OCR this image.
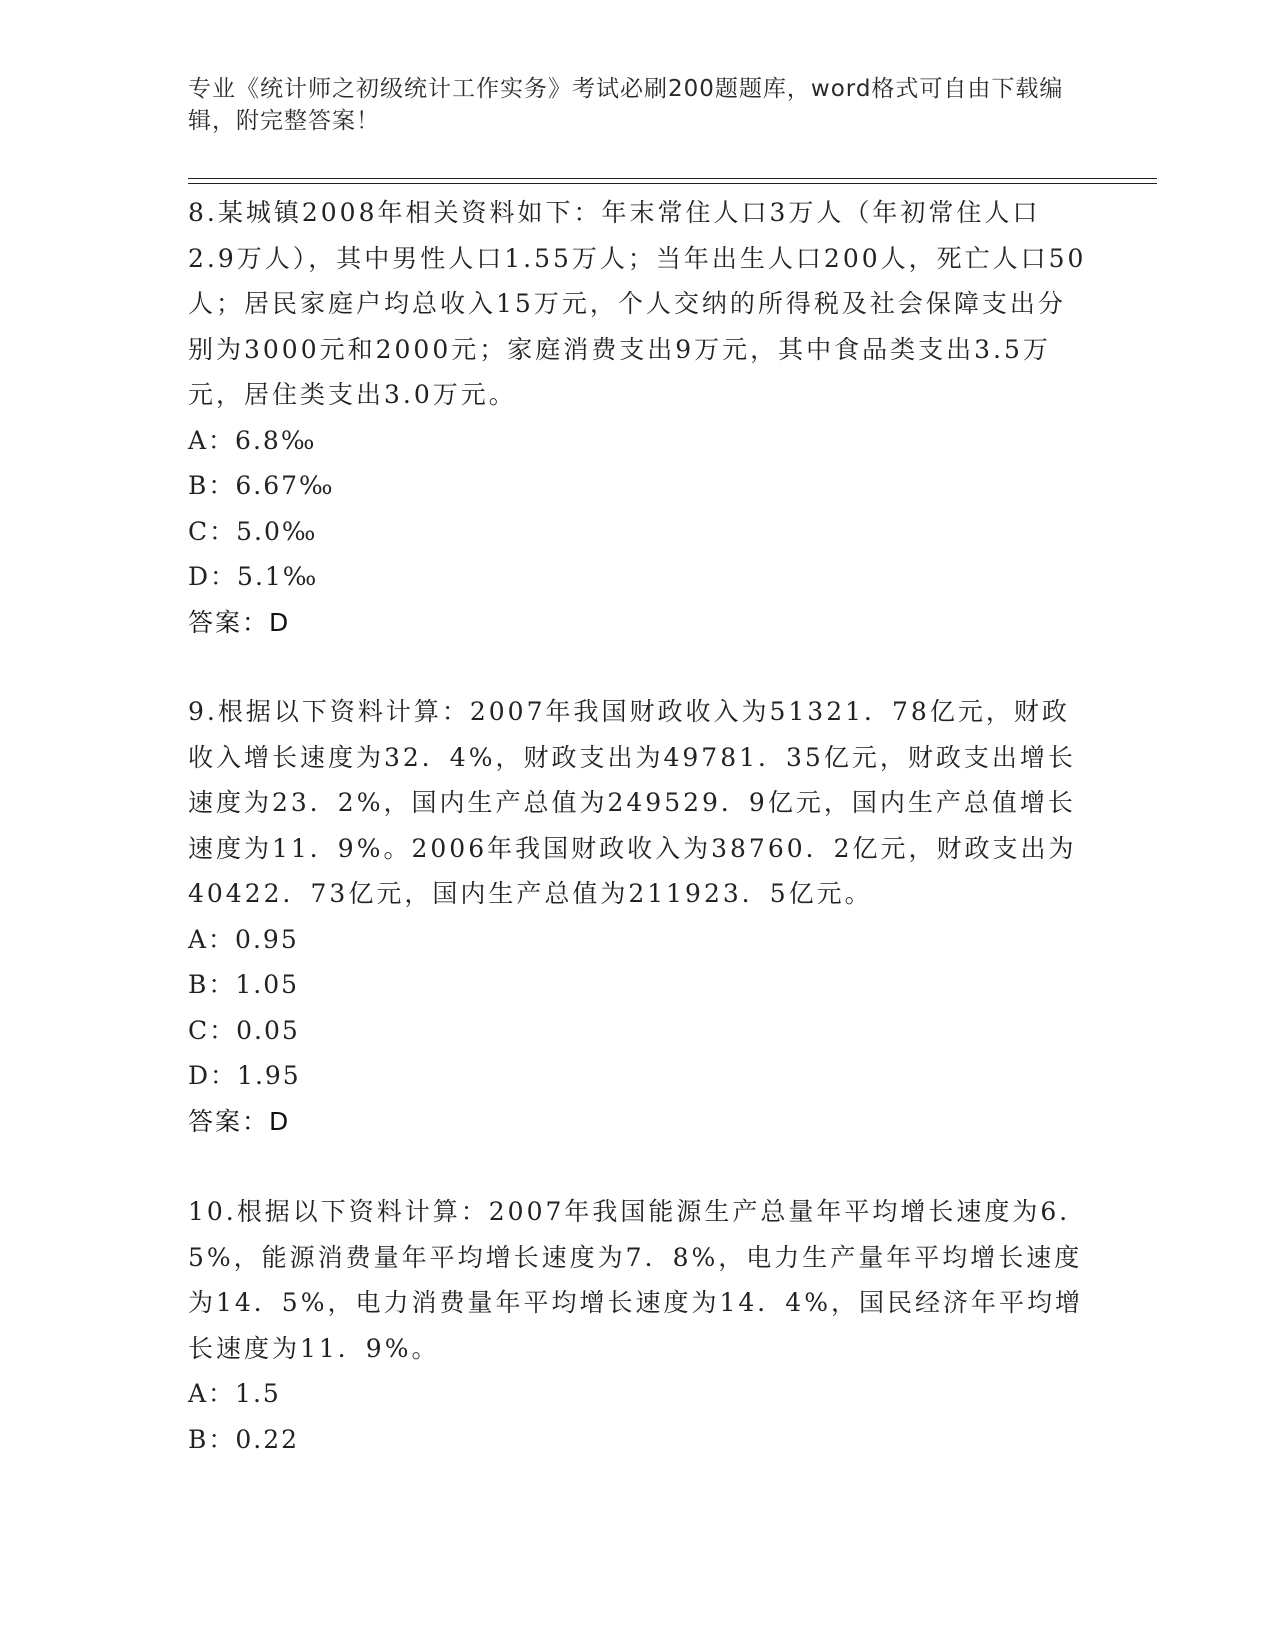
专业《统计师之初级统计工作实务》考试必刷200题题库，word格式可自由下载编辑，附完整答案！

8.某城镇2008年相关资料如下：年末常住人口3万人（年初常住人口2.9万人），其中男性人口1.55万人；当年出生人口200人，死亡人口50人；居民家庭户均总收入15万元，个人交纳的所得税及社会保障支出分别为3000元和2000元；家庭消费支出9万元，其中食品类支出3.5万元，居住类支出3.0万元。

A：6.8‰

B：6.67‰

C：5.0‰

D：5.1‰

答案：D

9.根据以下资料计算：2007年我国财政收入为51321．78亿元，财政收入增长速度为32．4%，财政支出为49781．35亿元，财政支出增长速度为23．2%，国内生产总值为249529．9亿元，国内生产总值增长速度为11．9%。2006年我国财政收入为38760．2亿元，财政支出为40422．73亿元，国内生产总值为211923．5亿元。

A：0.95

B：1.05

C：0.05

D：1.95

答案：D

10.根据以下资料计算：2007年我国能源生产总量年平均增长速度为6．5%，能源消费量年平均增长速度为7．8%，电力生产量年平均增长速度为14．5%，电力消费量年平均增长速度为14．4%，国民经济年平均增长速度为11．9%。

A：1.5

B：0.22
